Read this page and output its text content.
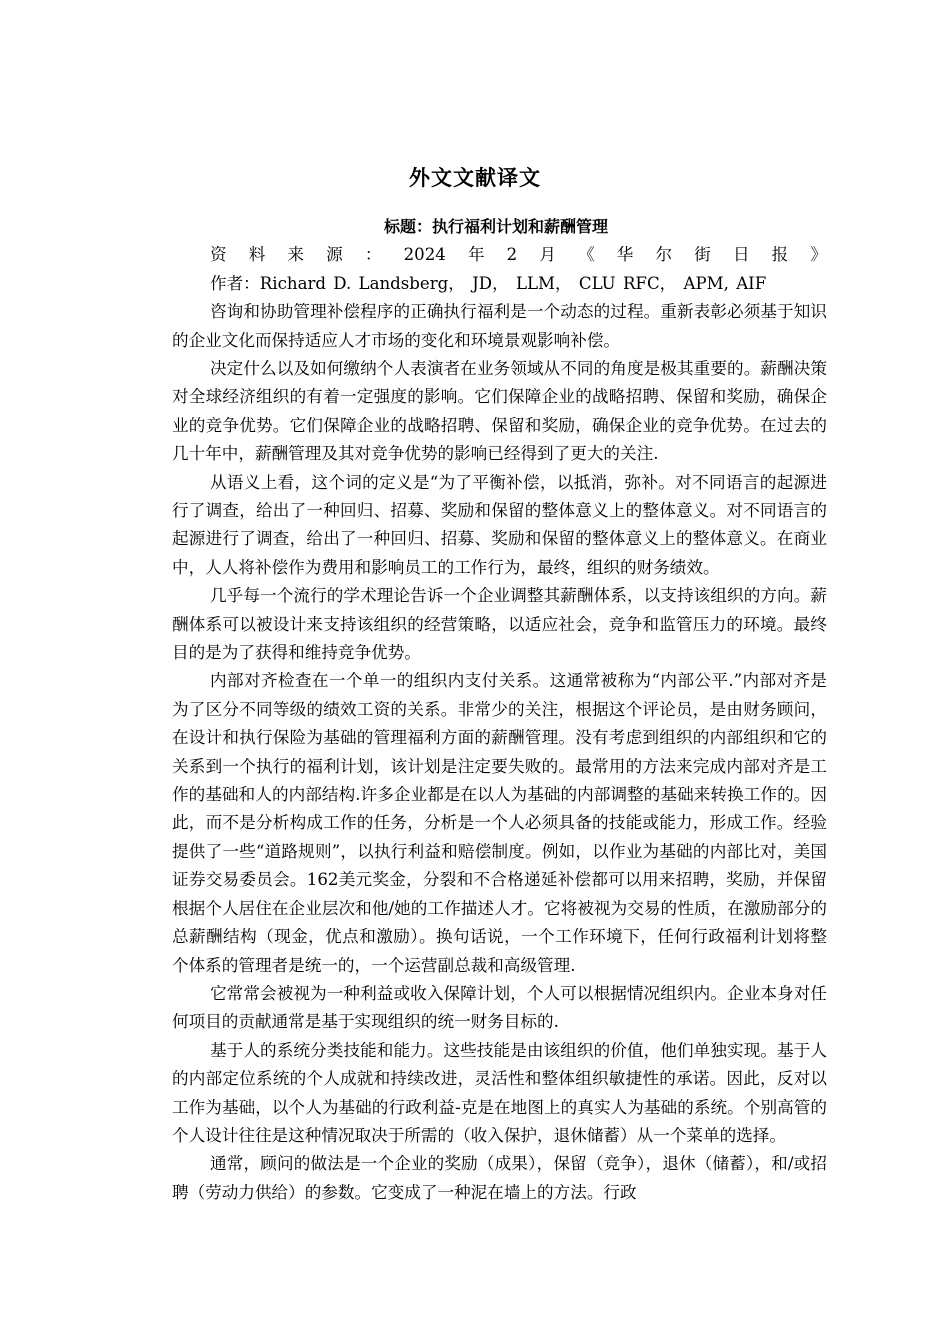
外文文献译文
标题：执行福利计划和薪酬管理
资 料 来 源 ： 2024 年 2 月 《 华 尔 街 日 报 》
作者：Richard D. Landsberg， JD， LLM， CLU RFC， APM, AIF

咨询和协助管理补偿程序的正确执行福利是一个动态的过程。重新表彰必须基于知识的企业文化而保持适应人才市场的变化和环境景观影响补偿。

决定什么以及如何缴纳个人表演者在业务领域从不同的角度是极其重要的。薪酬决策对全球经济组织的有着一定强度的影响。它们保障企业的战略招聘、保留和奖励，确保企业的竞争优势。它们保障企业的战略招聘、保留和奖励，确保企业的竞争优势。在过去的几十年中，薪酬管理及其对竞争优势的影响已经得到了更大的关注.

从语义上看，这个词的定义是“为了平衡补偿，以抵消，弥补。对不同语言的起源进行了调查，给出了一种回归、招募、奖励和保留的整体意义上的整体意义。对不同语言的起源进行了调查，给出了一种回归、招募、奖励和保留的整体意义上的整体意义。在商业中，人人将补偿作为费用和影响员工的工作行为，最终，组织的财务绩效。

几乎每一个流行的学术理论告诉一个企业调整其薪酬体系，以支持该组织的方向。薪酬体系可以被设计来支持该组织的经营策略，以适应社会，竞争和监管压力的环境。最终目的是为了获得和维持竞争优势。

内部对齐检查在一个单一的组织内支付关系。这通常被称为“内部公平.”内部对齐是为了区分不同等级的绩效工资的关系。非常少的关注，根据这个评论员，是由财务顾问，在设计和执行保险为基础的管理福利方面的薪酬管理。没有考虑到组织的内部组织和它的关系到一个执行的福利计划，该计划是注定要失败的。最常用的方法来完成内部对齐是工作的基础和人的内部结构.许多企业都是在以人为基础的内部调整的基础来转换工作的。因此，而不是分析构成工作的任务，分析是一个人必须具备的技能或能力，形成工作。经验提供了一些“道路规则”，以执行利益和赔偿制度。例如，以作业为基础的内部比对，美国证券交易委员会。162美元奖金，分裂和不合格递延补偿都可以用来招聘，奖励，并保留根据个人居住在企业层次和他/她的工作描述人才。它将被视为交易的性质，在激励部分的总薪酬结构（现金，优点和激励）。换句话说，一个工作环境下，任何行政福利计划将整个体系的管理者是统一的，一个运营副总裁和高级管理.

它常常会被视为一种利益或收入保障计划，个人可以根据情况组织内。企业本身对任何项目的贡献通常是基于实现组织的统一财务目标的.

基于人的系统分类技能和能力。这些技能是由该组织的价值，他们单独实现。基于人的内部定位系统的个人成就和持续改进，灵活性和整体组织敏捷性的承诺。因此，反对以工作为基础，以个人为基础的行政利益-克是在地图上的真实人为基础的系统。个别高管的个人设计往往是这种情况取决于所需的（收入保护，退休储蓄）从一个菜单的选择。

通常，顾问的做法是一个企业的奖励（成果），保留（竞争），退休（储蓄），和/或招聘（劳动力供给）的参数。它变成了一种泥在墙上的方法。行政
